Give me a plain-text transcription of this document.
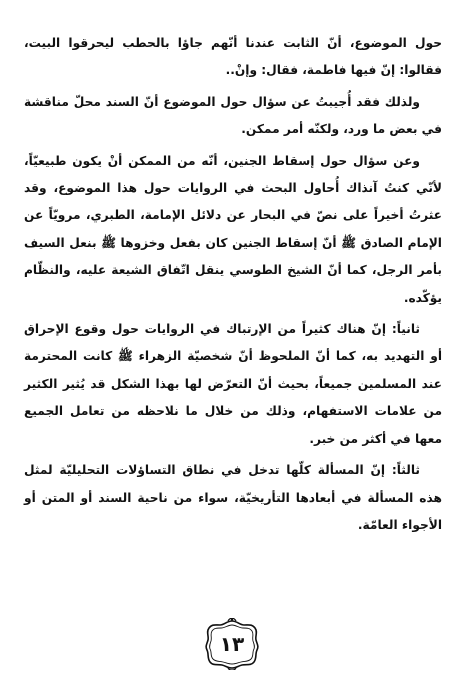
حول الموضوع، أنّ الثابت عندنا أنّهم جاؤا بالحطب ليحرقوا البيت، فقالوا: إنّ فيها فاطمة، فقال: وإنْ..

ولذلك فقد أُجيبتُ عن سؤال حول الموضوع أنّ السند محلّ مناقشة في بعض ما ورد، ولكنّه أمر ممكن.

وعن سؤال حول إسقاط الجنين، أنّه من الممكن أنْ يكون طبيعيّاً، لأنّي كنتُ آنذاك أُحاول البحث في الروايات حول هذا الموضوع، وقد عثرتُ أخيراً على نصّ في البحار عن دلائل الإمامة، الطبري، مرويّاً عن الإمام الصادق ﷺ أنّ إسقاط الجنين كان بفعل وخزوها ﷺ بنعل السيف بأمر الرجل، كما أنّ الشيخ الطوسي ينقل اتّفاق الشيعة عليه، والنظّام يؤكّده.

ثانياً: إنّ هناك كثيراً من الإرتباك في الروايات حول وقوع الإحراق أو التهديد به، كما أنّ الملحوظ أنّ شخصيّة الزهراء ﷺ كانت المحترمة عند المسلمين جميعاً، بحيث أنّ التعرّض لها بهذا الشكل قد يُثير الكثير من علامات الاستفهام، وذلك من خلال ما نلاحظه من تعامل الجميع معها في أكثر من خبر.

ثالثاً: إنّ المسألة كلّها تدخل في نطاق التساؤلات التحليليّة لمثل هذه المسألة في أبعادها التأريخيّة، سواء من ناحية السند أو المتن أو الأجواء العامّة.

١٣
